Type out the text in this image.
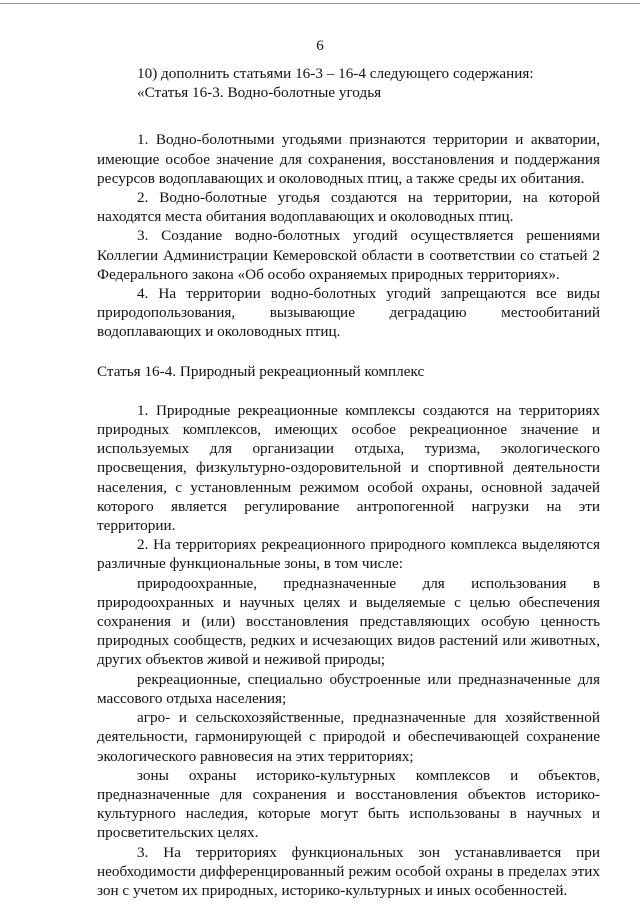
6

10) дополнить статьями 16-3 – 16-4 следующего содержания:

«Статья 16-3. Водно-болотные угодья

1. Водно-болотными угодьями признаются территории и акватории, имеющие особое значение для сохранения, восстановления и поддержания ресурсов водоплавающих и околоводных птиц, а также среды их обитания.

2. Водно-болотные угодья создаются на территории, на которой находятся места обитания водоплавающих и околоводных птиц.

3. Создание водно-болотных угодий осуществляется решениями Коллегии Администрации Кемеровской области в соответствии со статьей 2 Федерального закона «Об особо охраняемых природных территориях».

4. На территории водно-болотных угодий запрещаются все виды природопользования, вызывающие деградацию местообитаний водоплавающих и околоводных птиц.

Статья 16-4. Природный рекреационный комплекс

1. Природные рекреационные комплексы создаются на территориях природных комплексов, имеющих особое рекреационное значение и используемых для организации отдыха, туризма, экологического просвещения, физкультурно-оздоровительной и спортивной деятельности населения, с установленным режимом особой охраны, основной задачей которого является регулирование антропогенной нагрузки на эти территории.

2. На территориях рекреационного природного комплекса выделяются различные функциональные зоны, в том числе:

природоохранные, предназначенные для использования в природоохранных и научных целях и выделяемые с целью обеспечения сохранения и (или) восстановления представляющих особую ценность природных сообществ, редких и исчезающих видов растений или животных, других объектов живой и неживой природы;

рекреационные, специально обустроенные или предназначенные для массового отдыха населения;

агро- и сельскохозяйственные, предназначенные для хозяйственной деятельности, гармонирующей с природой и обеспечивающей сохранение экологического равновесия на этих территориях;

зоны охраны историко-культурных комплексов и объектов, предназначенные для сохранения и восстановления объектов историко-культурного наследия, которые могут быть использованы в научных и просветительских целях.

3. На территориях функциональных зон устанавливается при необходимости дифференцированный режим особой охраны в пределах этих зон с учетом их природных, историко-культурных и иных особенностей.
